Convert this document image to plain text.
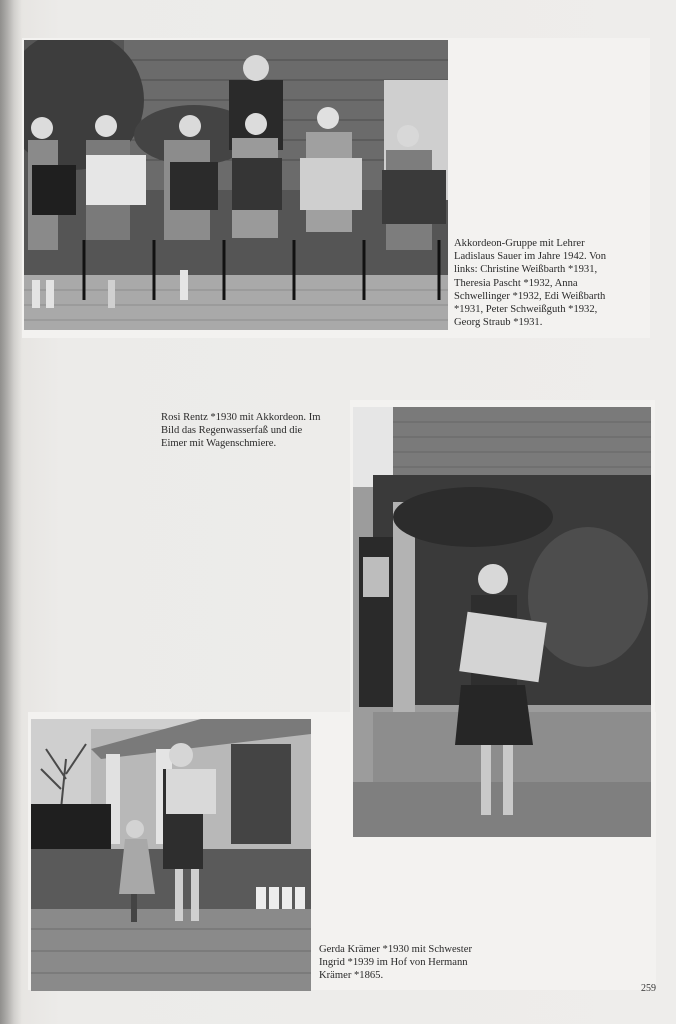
Akkordeon-Gruppe mit Lehrer
Ladislaus Sauer im Jahre 1942. Von
links: Christine Weißbarth *1931,
Theresia Pascht *1932, Anna
Schwellinger *1932, Edi Weißbarth
*1931, Peter Schweißguth *1932,
Georg Straub *1931.
Rosi Rentz *1930 mit Akkordeon. Im
Bild das Regenwasserfaß und die
Eimer mit Wagenschmiere.
Gerda Krämer *1930 mit Schwester
Ingrid *1939 im Hof von Hermann
Krämer *1865.
259
